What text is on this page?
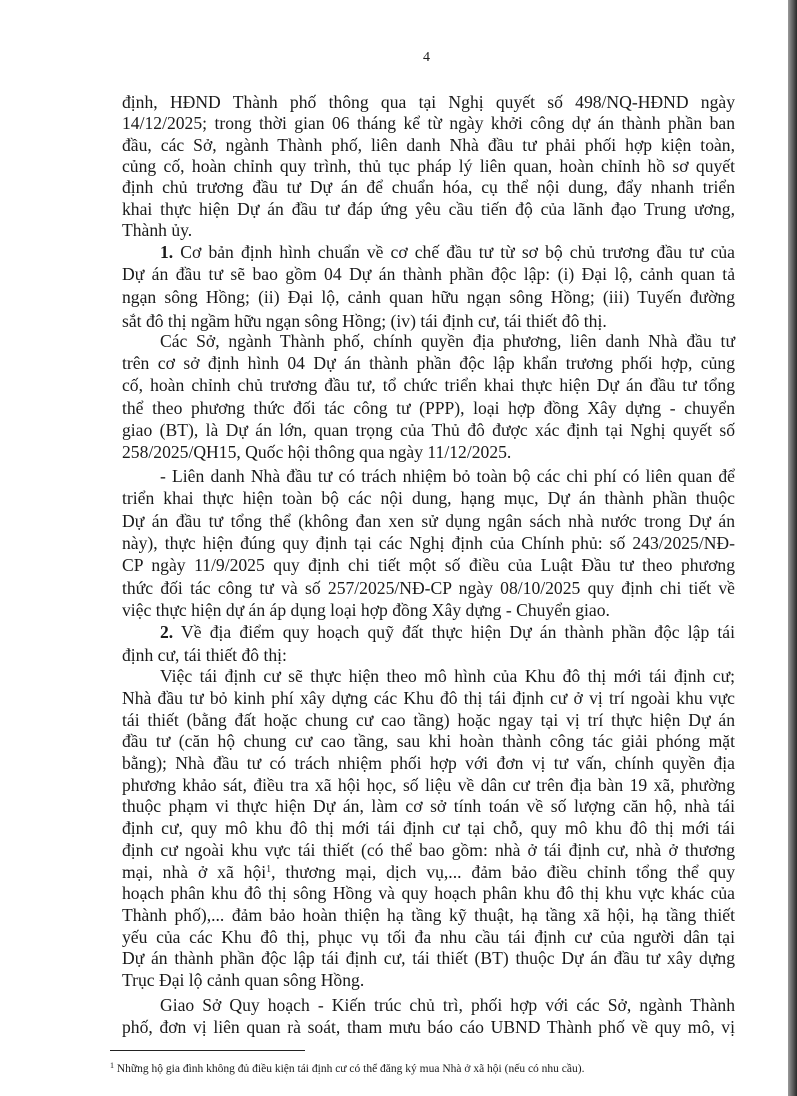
4
định, HĐND Thành phố thông qua tại Nghị quyết số 498/NQ-HĐND ngày
14/12/2025; trong thời gian 06 tháng kể từ ngày khởi công dự án thành phần ban
đầu, các Sở, ngành Thành phố, liên danh Nhà đầu tư phải phối hợp kiện toàn,
củng cố, hoàn chỉnh quy trình, thủ tục pháp lý liên quan, hoàn chỉnh hồ sơ quyết
định chủ trương đầu tư Dự án để chuẩn hóa, cụ thể nội dung, đẩy nhanh triển
khai thực hiện Dự án đầu tư đáp ứng yêu cầu tiến độ của lãnh đạo Trung ương,
Thành ủy.
1. Cơ bản định hình chuẩn về cơ chế đầu tư từ sơ bộ chủ trương đầu tư của
Dự án đầu tư sẽ bao gồm 04 Dự án thành phần độc lập: (i) Đại lộ, cảnh quan tả
ngạn sông Hồng; (ii) Đại lộ, cảnh quan hữu ngạn sông Hồng; (iii) Tuyến đường
sắt đô thị ngầm hữu ngạn sông Hồng; (iv) tái định cư, tái thiết đô thị.
Các Sở, ngành Thành phố, chính quyền địa phương, liên danh Nhà đầu tư
trên cơ sở định hình 04 Dự án thành phần độc lập khẩn trương phối hợp, củng
cố, hoàn chỉnh chủ trương đầu tư, tổ chức triển khai thực hiện Dự án đầu tư tổng
thể theo phương thức đối tác công tư (PPP), loại hợp đồng Xây dựng - chuyển
giao (BT), là Dự án lớn, quan trọng của Thủ đô được xác định tại Nghị quyết số
258/2025/QH15, Quốc hội thông qua ngày 11/12/2025.
- Liên danh Nhà đầu tư có trách nhiệm bỏ toàn bộ các chi phí có liên quan để
triển khai thực hiện toàn bộ các nội dung, hạng mục, Dự án thành phần thuộc
Dự án đầu tư tổng thể (không đan xen sử dụng ngân sách nhà nước trong Dự án
này), thực hiện đúng quy định tại các Nghị định của Chính phủ: số 243/2025/NĐ-
CP ngày 11/9/2025 quy định chi tiết một số điều của Luật Đầu tư theo phương
thức đối tác công tư và số 257/2025/NĐ-CP ngày 08/10/2025 quy định chi tiết về
việc thực hiện dự án áp dụng loại hợp đồng Xây dựng - Chuyển giao.
2. Về địa điểm quy hoạch quỹ đất thực hiện Dự án thành phần độc lập tái
định cư, tái thiết đô thị:
Việc tái định cư sẽ thực hiện theo mô hình của Khu đô thị mới tái định cư;
Nhà đầu tư bỏ kinh phí xây dựng các Khu đô thị tái định cư ở vị trí ngoài khu vực
tái thiết (bằng đất hoặc chung cư cao tầng) hoặc ngay tại vị trí thực hiện Dự án
đầu tư (căn hộ chung cư cao tầng, sau khi hoàn thành công tác giải phóng mặt
bằng); Nhà đầu tư có trách nhiệm phối hợp với đơn vị tư vấn, chính quyền địa
phương khảo sát, điều tra xã hội học, số liệu về dân cư trên địa bàn 19 xã, phường
thuộc phạm vi thực hiện Dự án, làm cơ sở tính toán về số lượng căn hộ, nhà tái
định cư, quy mô khu đô thị mới tái định cư tại chỗ, quy mô khu đô thị mới tái
định cư ngoài khu vực tái thiết (có thể bao gồm: nhà ở tái định cư, nhà ở thương
mại, nhà ở xã hội$^1$, thương mại, dịch vụ,... đảm bảo điều chỉnh tổng thể quy
hoạch phân khu đô thị sông Hồng và quy hoạch phân khu đô thị khu vực khác của
Thành phố),... đảm bảo hoàn thiện hạ tầng kỹ thuật, hạ tầng xã hội, hạ tầng thiết
yếu của các Khu đô thị, phục vụ tối đa nhu cầu tái định cư của người dân tại
Dự án thành phần độc lập tái định cư, tái thiết (BT) thuộc Dự án đầu tư xây dựng
Trục Đại lộ cảnh quan sông Hồng.
Giao Sở Quy hoạch - Kiến trúc chủ trì, phối hợp với các Sở, ngành Thành
phố, đơn vị liên quan rà soát, tham mưu báo cáo UBND Thành phố về quy mô, vị
$^1$ Những hộ gia đình không đủ điều kiện tái định cư có thể đăng ký mua Nhà ở xã hội (nếu có nhu cầu).
